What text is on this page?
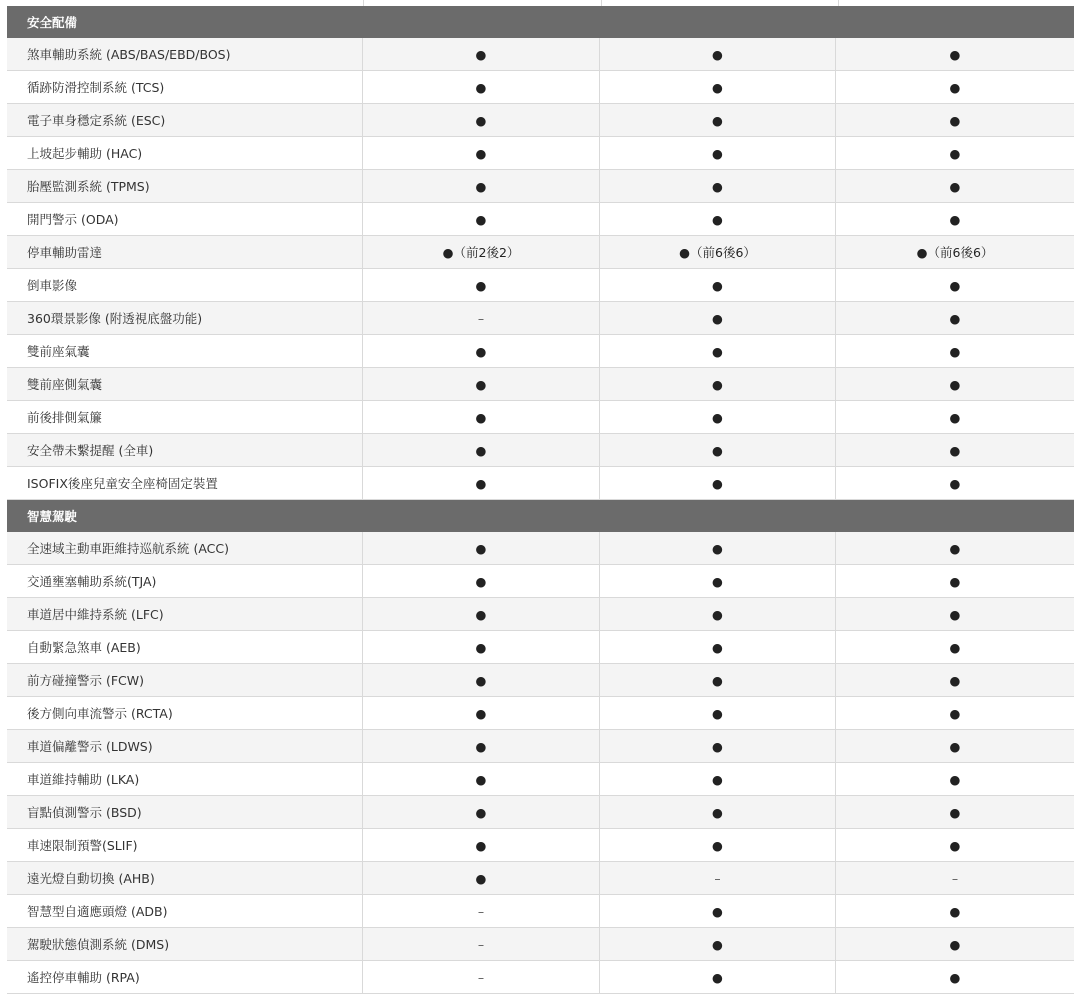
安全配備
煞車輔助系統 (ABS/BAS/EBD/BOS)	●	●	●
循跡防滑控制系統 (TCS)	●	●	●
電子車身穩定系統 (ESC)	●	●	●
上坡起步輔助 (HAC)	●	●	●
胎壓監測系統 (TPMS)	●	●	●
開門警示 (ODA)	●	●	●
停車輔助雷達	●（前2後2）	●（前6後6）	●（前6後6）
倒車影像	●	●	●
360環景影像 (附透視底盤功能)	–	●	●
雙前座氣囊	●	●	●
雙前座側氣囊	●	●	●
前後排側氣簾	●	●	●
安全帶未繫提醒 (全車)	●	●	●
ISOFIX後座兒童安全座椅固定裝置	●	●	●
智慧駕駛
全速域主動車距維持巡航系統 (ACC)	●	●	●
交通壅塞輔助系統(TJA)	●	●	●
車道居中維持系統 (LFC)	●	●	●
自動緊急煞車 (AEB)	●	●	●
前方碰撞警示 (FCW)	●	●	●
後方側向車流警示 (RCTA)	●	●	●
車道偏離警示 (LDWS)	●	●	●
車道維持輔助 (LKA)	●	●	●
盲點偵測警示 (BSD)	●	●	●
車速限制預警(SLIF)	●	●	●
遠光燈自動切換 (AHB)	●	–	–
智慧型自適應頭燈 (ADB)	–	●	●
駕駛狀態偵測系統 (DMS)	–	●	●
遙控停車輔助 (RPA)	–	●	●
